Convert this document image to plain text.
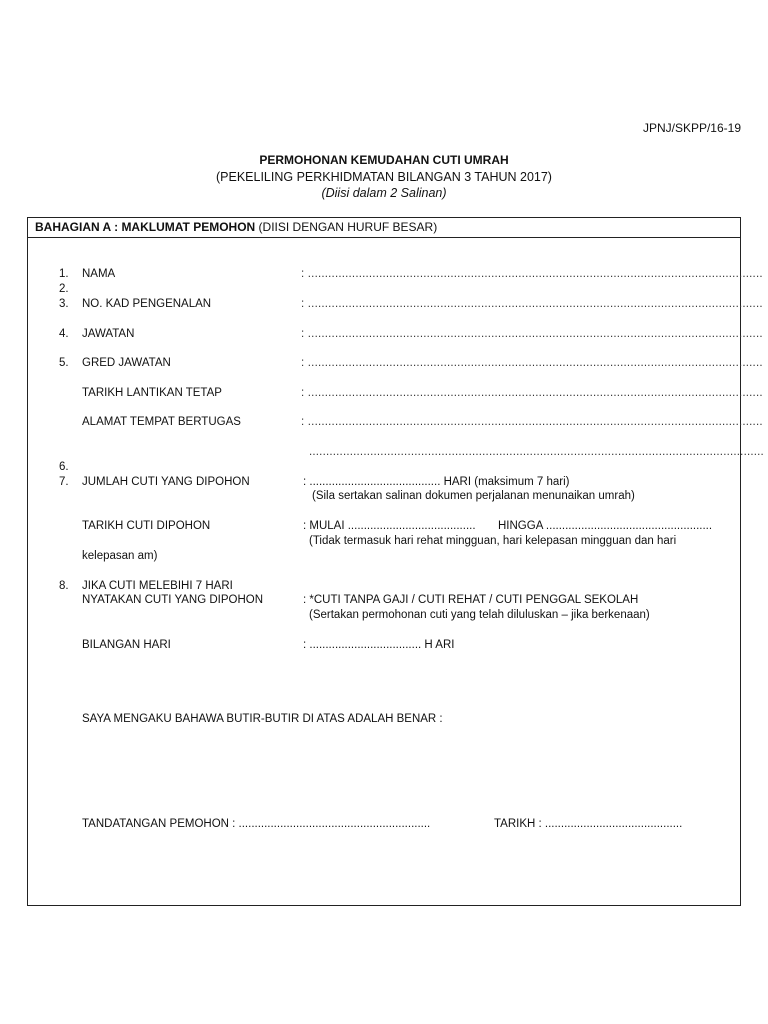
JPNJ/SKPP/16-19
PERMOHONAN KEMUDAHAN CUTI UMRAH
(PEKELILING PERKHIDMATAN BILANGAN 3 TAHUN 2017)
(Diisi dalam 2 Salinan)
BAHAGIAN A : MAKLUMAT PEMOHON (DIISI DENGAN HURUF BESAR)
1. NAMA	: ......................................................................................................................................
2.
3. NO. KAD PENGENALAN	: ......................................................................................................................................
4. JAWATAN	: ......................................................................................................................................
5. GRED JAWATAN	: ......................................................................................................................................
TARIKH LANTIKAN TETAP	: ......................................................................................................................................
ALAMAT TEMPAT BERTUGAS	: ......................................................................................................................................
......................................................................................................................................
6.
7. JUMLAH CUTI YANG DIPOHON	: ......................................... HARI (maksimum 7 hari)
(Sila sertakan salinan dokumen perjalanan menunaikan umrah)
TARIKH CUTI DIPOHON	: MULAI ........................................ HINGGA ....................................................
(Tidak termasuk hari rehat mingguan, hari kelepasan mingguan dan hari
kelepasan am)
8. JIKA CUTI MELEBIHI 7 HARI
NYATAKAN CUTI YANG DIPOHON	: *CUTI TANPA GAJI / CUTI REHAT / CUTI PENGGAL SEKOLAH
(Sertakan permohonan cuti yang telah diluluskan – jika berkenaan)
BILANGAN HARI	: ................................... H ARI
SAYA MENGAKU BAHAWA BUTIR-BUTIR DI ATAS ADALAH BENAR :
TANDATANGAN PEMOHON : ............................................................	TARIKH : ...........................................
